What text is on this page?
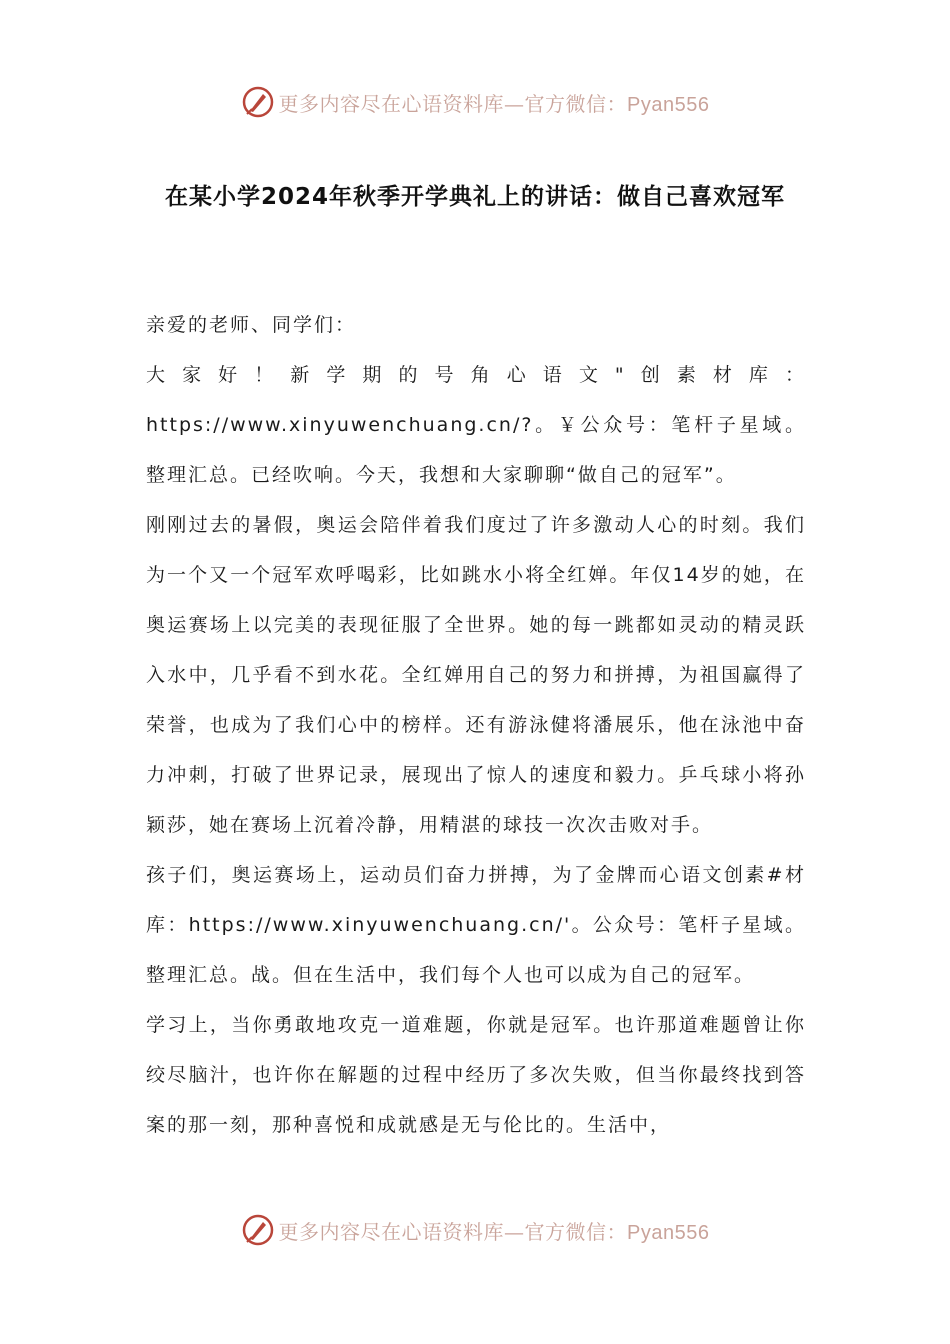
更多内容尽在心语资料库—官方微信：Pyan556
在某小学2024年秋季开学典礼上的讲话：做自己喜欢冠军

亲爱的老师、同学们：

大家好！新学期的号角心语文"创素材库：https://www.xinyuwenchuang.cn/?。￥公众号：笔杆子星域。整理汇总。已经吹响。今天，我想和大家聊聊“做自己的冠军”。

刚刚过去的暑假，奥运会陪伴着我们度过了许多激动人心的时刻。我们为一个又一个冠军欢呼喝彩，比如跳水小将全红婵。年仅14岁的她，在奥运赛场上以完美的表现征服了全世界。她的每一跳都如灵动的精灵跃入水中，几乎看不到水花。全红婵用自己的努力和拼搏，为祖国赢得了荣誉，也成为了我们心中的榜样。还有游泳健将潘展乐，他在泳池中奋力冲刺，打破了世界记录，展现出了惊人的速度和毅力。乒乓球小将孙颖莎，她在赛场上沉着冷静，用精湛的球技一次次击败对手。

孩子们，奥运赛场上，运动员们奋力拼搏，为了金牌而心语文创素#材库：https://www.xinyuwenchuang.cn/'。公众号：笔杆子星域。整理汇总。战。但在生活中，我们每个人也可以成为自己的冠军。

学习上，当你勇敢地攻克一道难题，你就是冠军。也许那道难题曾让你绞尽脑汁，也许你在解题的过程中经历了多次失败，但当你最终找到答案的那一刻，那种喜悦和成就感是无与伦比的。生活中，

更多内容尽在心语资料库—官方微信：Pyan556
